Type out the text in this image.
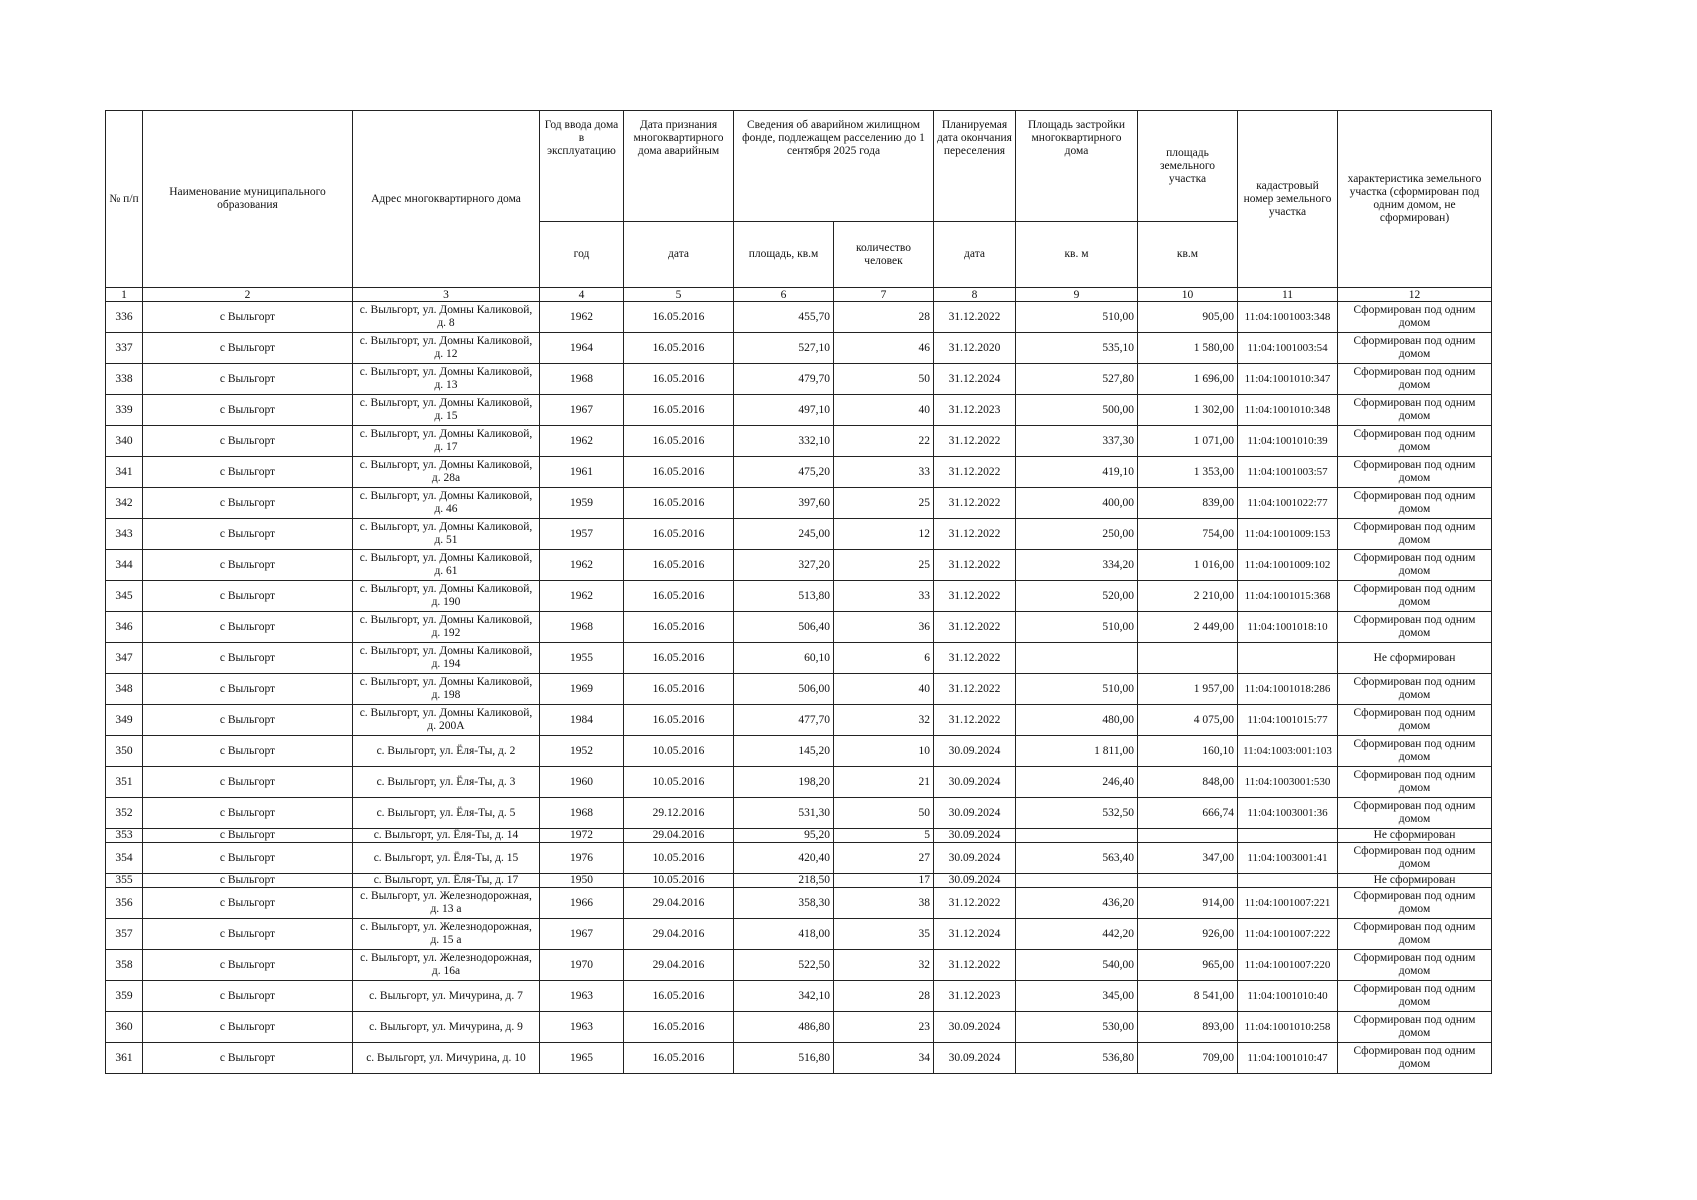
№ п/п	Наименование муниципального образования	Адрес многоквартирного дома	Год ввода дома в эксплуатацию	Дата признания многоквартирного дома аварийным	Сведения об аварийном жилищном фонде, подлежащем расселению до 1 сентября 2025 года		Планируемая дата окончания переселения	Площадь застройки многоквартирного дома	площадь земельного участка	кадастровый номер земельного участка	характеристика земельного участка (сформирован под одним домом, не сформирован)
			год	дата	площадь, кв.м	количество человек	дата	кв. м	кв.м		
1	2	3	4	5	6	7	8	9	10	11	12
336	с Выльгорт	с. Выльгорт, ул. Домны Каликовой, д. 8	1962	16.05.2016	455,70	28	31.12.2022	510,00	905,00	11:04:1001003:348	Сформирован под одним домом
337	с Выльгорт	с. Выльгорт, ул. Домны Каликовой, д. 12	1964	16.05.2016	527,10	46	31.12.2020	535,10	1 580,00	11:04:1001003:54	Сформирован под одним домом
338	с Выльгорт	с. Выльгорт, ул. Домны Каликовой, д. 13	1968	16.05.2016	479,70	50	31.12.2024	527,80	1 696,00	11:04:1001010:347	Сформирован под одним домом
339	с Выльгорт	с. Выльгорт, ул. Домны Каликовой, д. 15	1967	16.05.2016	497,10	40	31.12.2023	500,00	1 302,00	11:04:1001010:348	Сформирован под одним домом
340	с Выльгорт	с. Выльгорт, ул. Домны Каликовой, д. 17	1962	16.05.2016	332,10	22	31.12.2022	337,30	1 071,00	11:04:1001010:39	Сформирован под одним домом
341	с Выльгорт	с. Выльгорт, ул. Домны Каликовой, д. 28а	1961	16.05.2016	475,20	33	31.12.2022	419,10	1 353,00	11:04:1001003:57	Сформирован под одним домом
342	с Выльгорт	с. Выльгорт, ул. Домны Каликовой, д. 46	1959	16.05.2016	397,60	25	31.12.2022	400,00	839,00	11:04:1001022:77	Сформирован под одним домом
343	с Выльгорт	с. Выльгорт, ул. Домны Каликовой, д. 51	1957	16.05.2016	245,00	12	31.12.2022	250,00	754,00	11:04:1001009:153	Сформирован под одним домом
344	с Выльгорт	с. Выльгорт, ул. Домны Каликовой, д. 61	1962	16.05.2016	327,20	25	31.12.2022	334,20	1 016,00	11:04:1001009:102	Сформирован под одним домом
345	с Выльгорт	с. Выльгорт, ул. Домны Каликовой, д. 190	1962	16.05.2016	513,80	33	31.12.2022	520,00	2 210,00	11:04:1001015:368	Сформирован под одним домом
346	с Выльгорт	с. Выльгорт, ул. Домны Каликовой, д. 192	1968	16.05.2016	506,40	36	31.12.2022	510,00	2 449,00	11:04:1001018:10	Сформирован под одним домом
347	с Выльгорт	с. Выльгорт, ул. Домны Каликовой, д. 194	1955	16.05.2016	60,10	6	31.12.2022				Не сформирован
348	с Выльгорт	с. Выльгорт, ул. Домны Каликовой, д. 198	1969	16.05.2016	506,00	40	31.12.2022	510,00	1 957,00	11:04:1001018:286	Сформирован под одним домом
349	с Выльгорт	с. Выльгорт, ул. Домны Каликовой, д. 200А	1984	16.05.2016	477,70	32	31.12.2022	480,00	4 075,00	11:04:1001015:77	Сформирован под одним домом
350	с Выльгорт	с. Выльгорт, ул. Ёля-Ты, д. 2	1952	10.05.2016	145,20	10	30.09.2024	1 811,00	160,10	11:04:1003:001:103	Сформирован под одним домом
351	с Выльгорт	с. Выльгорт, ул. Ёля-Ты, д. 3	1960	10.05.2016	198,20	21	30.09.2024	246,40	848,00	11:04:1003001:530	Сформирован под одним домом
352	с Выльгорт	с. Выльгорт, ул. Ёля-Ты, д. 5	1968	29.12.2016	531,30	50	30.09.2024	532,50	666,74	11:04:1003001:36	Сформирован под одним домом
353	с Выльгорт	с. Выльгорт, ул. Ёля-Ты, д. 14	1972	29.04.2016	95,20	5	30.09.2024				Не сформирован
354	с Выльгорт	с. Выльгорт, ул. Ёля-Ты, д. 15	1976	10.05.2016	420,40	27	30.09.2024	563,40	347,00	11:04:1003001:41	Сформирован под одним домом
355	с Выльгорт	с. Выльгорт, ул. Ёля-Ты, д. 17	1950	10.05.2016	218,50	17	30.09.2024				Не сформирован
356	с Выльгорт	с. Выльгорт, ул. Железнодорожная, д. 13 а	1966	29.04.2016	358,30	38	31.12.2022	436,20	914,00	11:04:1001007:221	Сформирован под одним домом
357	с Выльгорт	с. Выльгорт, ул. Железнодорожная, д. 15 а	1967	29.04.2016	418,00	35	31.12.2024	442,20	926,00	11:04:1001007:222	Сформирован под одним домом
358	с Выльгорт	с. Выльгорт, ул. Железнодорожная, д. 16а	1970	29.04.2016	522,50	32	31.12.2022	540,00	965,00	11:04:1001007:220	Сформирован под одним домом
359	с Выльгорт	с. Выльгорт, ул. Мичурина, д. 7	1963	16.05.2016	342,10	28	31.12.2023	345,00	8 541,00	11:04:1001010:40	Сформирован под одним домом
360	с Выльгорт	с. Выльгорт, ул. Мичурина, д. 9	1963	16.05.2016	486,80	23	30.09.2024	530,00	893,00	11:04:1001010:258	Сформирован под одним домом
361	с Выльгорт	с. Выльгорт, ул. Мичурина, д. 10	1965	16.05.2016	516,80	34	30.09.2024	536,80	709,00	11:04:1001010:47	Сформирован под одним домом
